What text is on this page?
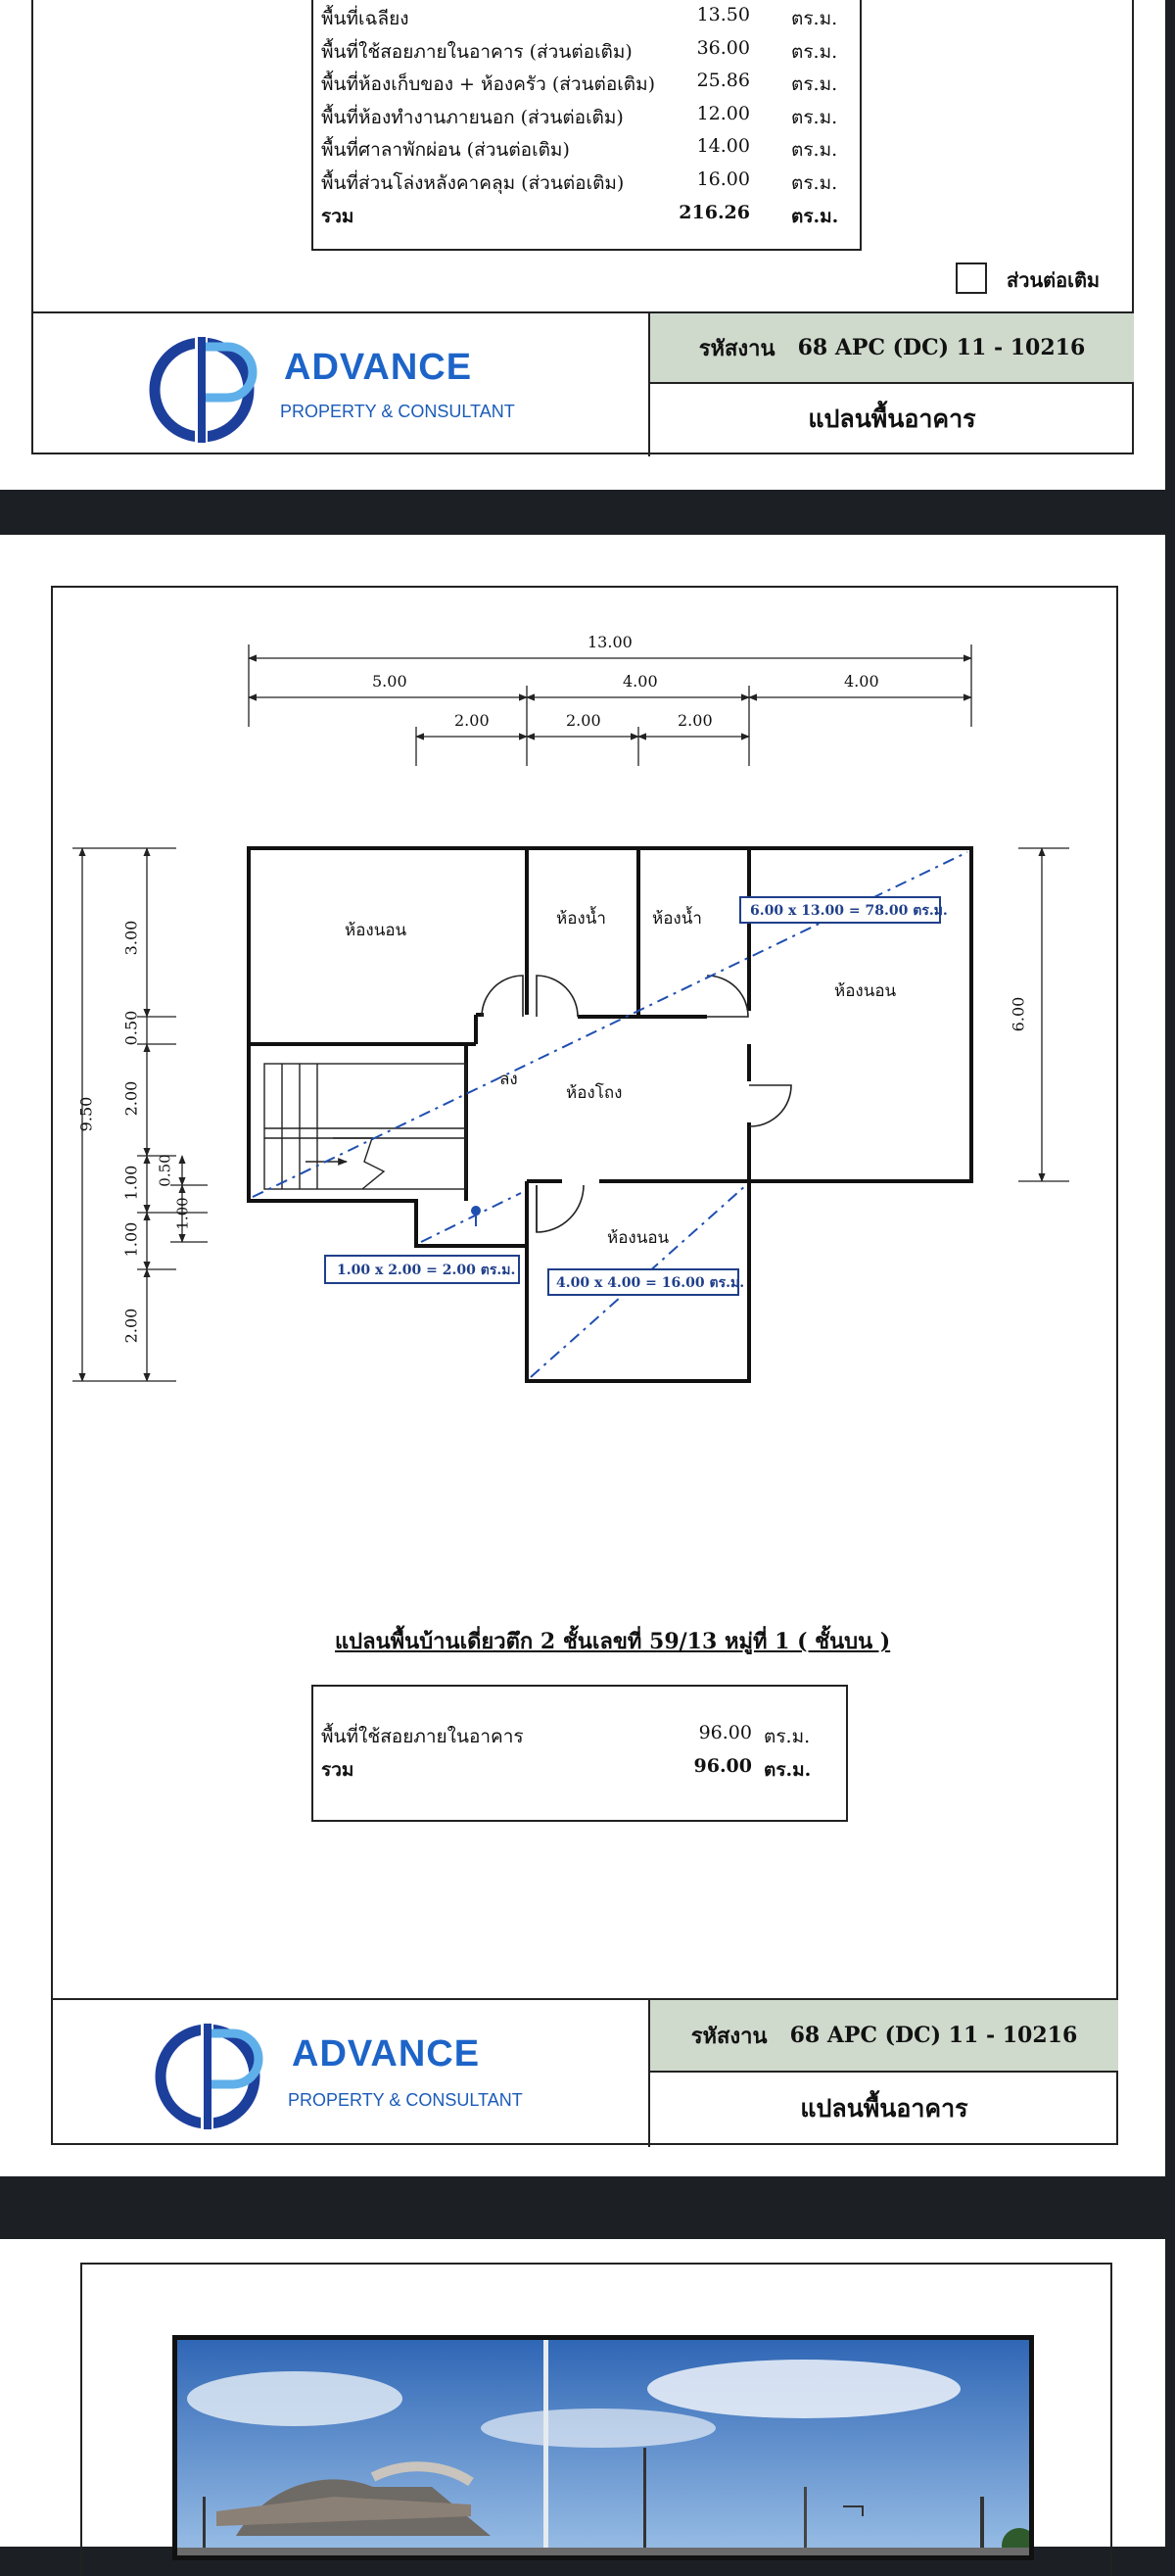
พื้นที่เฉลียง	13.50 ตร.ม.
พื้นที่ใช้สอยภายในอาคาร (ส่วนต่อเติม)	36.00 ตร.ม.
พื้นที่ห้องเก็บของ + ห้องครัว (ส่วนต่อเติม) 25.86 ตร.ม.
พื้นที่ห้องทำงานภายนอก (ส่วนต่อเติม)	12.00 ตร.ม.
พื้นที่ศาลาพักผ่อน (ส่วนต่อเติม)	14.00 ตร.ม.
พื้นที่ส่วนโล่งหลังคาคลุม (ส่วนต่อเติม)	16.00 ตร.ม.
รวม	216.26 ตร.ม.
ส่วนต่อเติม
รหัสงาน
68 APC (DC) 11 - 10216
แปลนพื้นอาคาร
ADVANCE
PROPERTY & CONSULTANT
13.00
5.00	4.00	4.00
2.00	2.00	2.00
9.50
3.00
0.50
2.00
1.00
1.00
2.00
0.50
1.00
6.00
ห้องนอน
ห้องน้ำ	ห้องน้ำ
ห้องนอน
ห้องโถง
ลง
ห้องนอน
6.00 x 13.00 = 78.00 ตร.ม.
1.00 x 2.00 = 2.00 ตร.ม.
4.00 x 4.00 = 16.00 ตร.ม.
แปลนพื้นบ้านเดี่ยวตึก 2 ชั้นเลขที่ 59/13 หมู่ที่ 1 ( ชั้นบน )
พื้นที่ใช้สอยภายในอาคาร	96.00 ตร.ม.
รวม	96.00 ตร.ม.
รหัสงาน
68 APC (DC) 11 - 10216
แปลนพื้นอาคาร
ADVANCE
PROPERTY & CONSULTANT
